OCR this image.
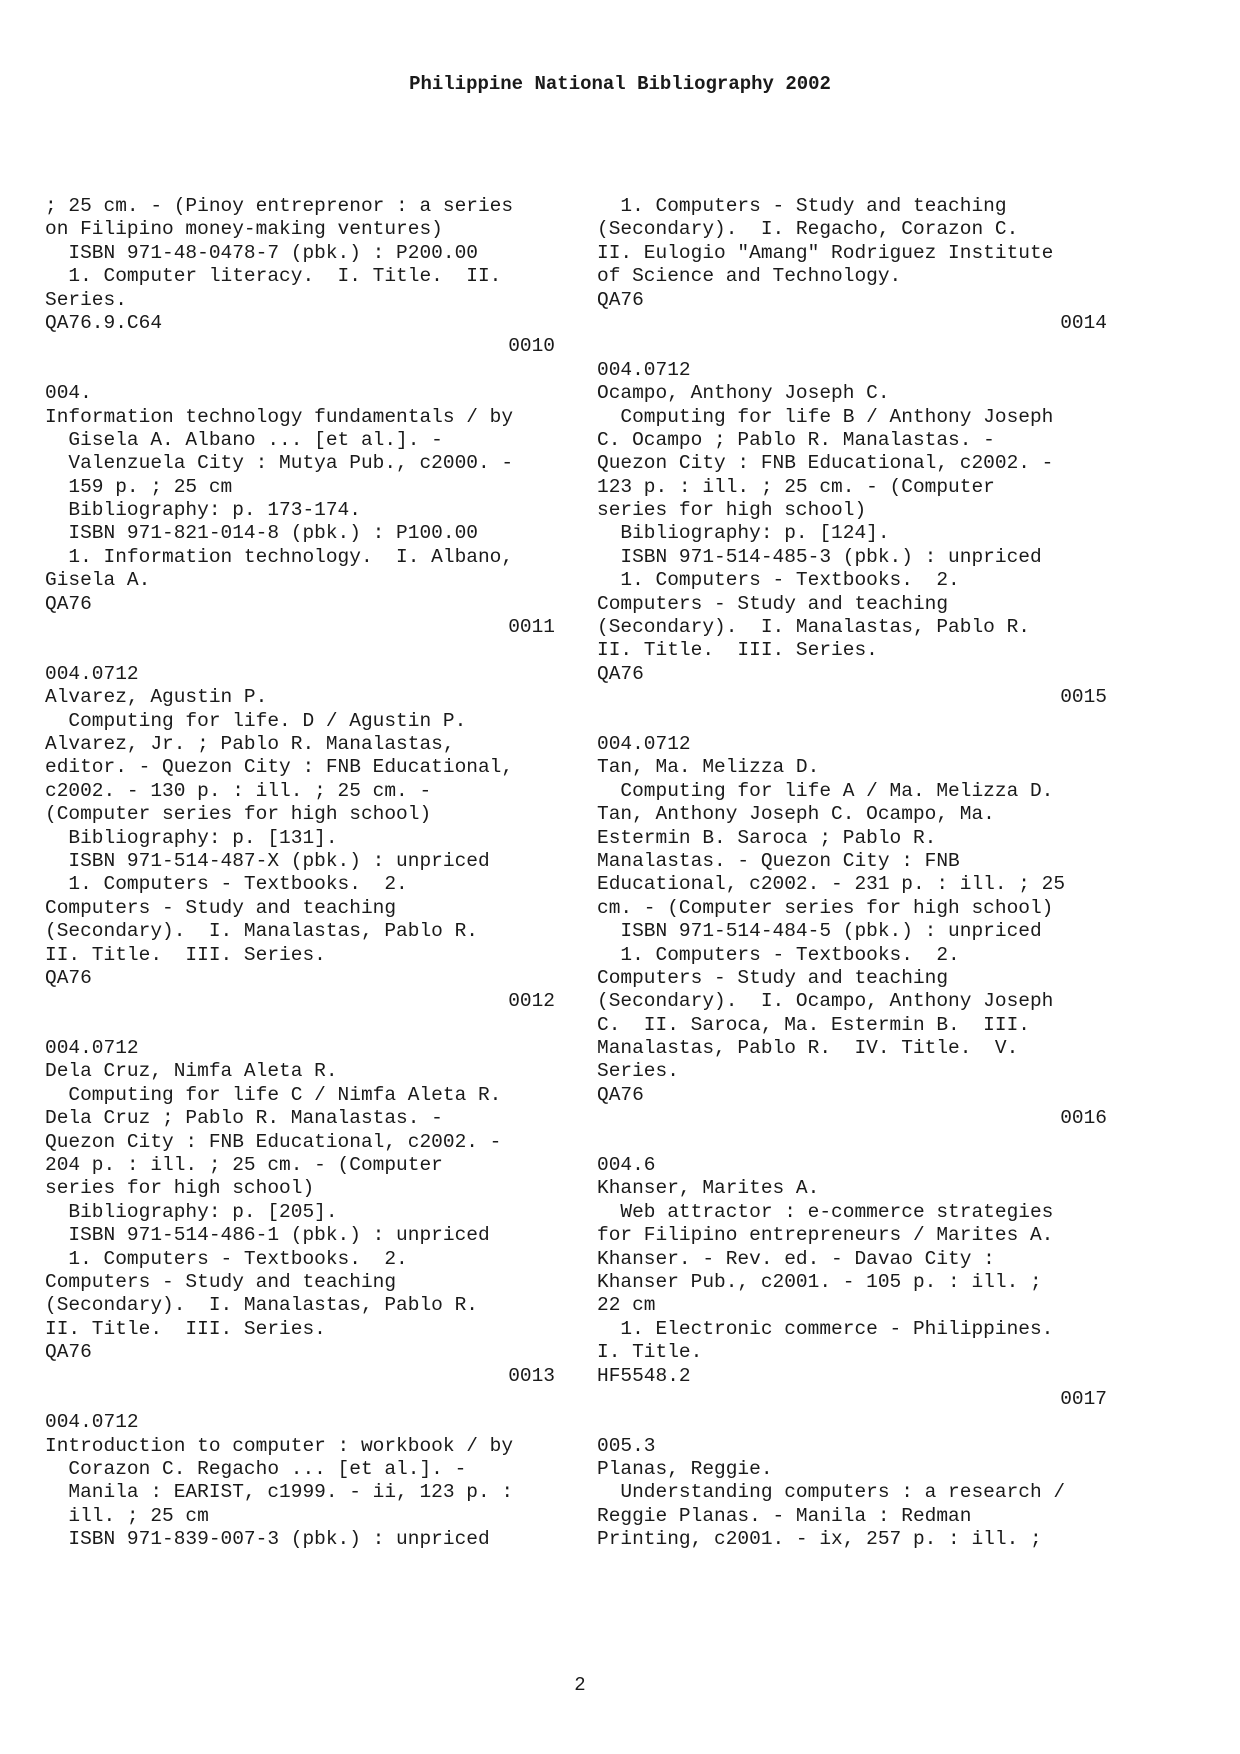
Philippine National Bibliography 2002
; 25 cm. - (Pinoy entreprenor : a series
on Filipino money-making ventures)
ISBN 971-48-0478-7 (pbk.) : P200.00
1. Computer literacy.  I. Title.  II.
Series.
QA76.9.C64
0010
004.
Information technology fundamentals / by
Gisela A. Albano ... [et al.]. -
Valenzuela City : Mutya Pub., c2000. -
159 p. ; 25 cm
Bibliography: p. 173-174.
ISBN 971-821-014-8 (pbk.) : P100.00
1. Information technology.  I. Albano,
Gisela A.
QA76
0011
004.0712
Alvarez, Agustin P.
Computing for life. D / Agustin P.
Alvarez, Jr. ; Pablo R. Manalastas,
editor. - Quezon City : FNB Educational,
c2002. - 130 p. : ill. ; 25 cm. -
(Computer series for high school)
Bibliography: p. [131].
ISBN 971-514-487-X (pbk.) : unpriced
1. Computers - Textbooks.  2.
Computers - Study and teaching
(Secondary).  I. Manalastas, Pablo R.
II. Title.  III. Series.
QA76
0012
004.0712
Dela Cruz, Nimfa Aleta R.
Computing for life C / Nimfa Aleta R.
Dela Cruz ; Pablo R. Manalastas. -
Quezon City : FNB Educational, c2002. -
204 p. : ill. ; 25 cm. - (Computer
series for high school)
Bibliography: p. [205].
ISBN 971-514-486-1 (pbk.) : unpriced
1. Computers - Textbooks.  2.
Computers - Study and teaching
(Secondary).  I. Manalastas, Pablo R.
II. Title.  III. Series.
QA76
0013
004.0712
Introduction to computer : workbook / by
Corazon C. Regacho ... [et al.]. -
Manila : EARIST, c1999. - ii, 123 p. :
ill. ; 25 cm
ISBN 971-839-007-3 (pbk.) : unpriced
1. Computers - Study and teaching
(Secondary).  I. Regacho, Corazon C.
II. Eulogio "Amang" Rodriguez Institute
of Science and Technology.
QA76
0014
004.0712
Ocampo, Anthony Joseph C.
Computing for life B / Anthony Joseph
C. Ocampo ; Pablo R. Manalastas. -
Quezon City : FNB Educational, c2002. -
123 p. : ill. ; 25 cm. - (Computer
series for high school)
Bibliography: p. [124].
ISBN 971-514-485-3 (pbk.) : unpriced
1. Computers - Textbooks.  2.
Computers - Study and teaching
(Secondary).  I. Manalastas, Pablo R.
II. Title.  III. Series.
QA76
0015
004.0712
Tan, Ma. Melizza D.
Computing for life A / Ma. Melizza D.
Tan, Anthony Joseph C. Ocampo, Ma.
Estermin B. Saroca ; Pablo R.
Manalastas. - Quezon City : FNB
Educational, c2002. - 231 p. : ill. ; 25
cm. - (Computer series for high school)
ISBN 971-514-484-5 (pbk.) : unpriced
1. Computers - Textbooks.  2.
Computers - Study and teaching
(Secondary).  I. Ocampo, Anthony Joseph
C.  II. Saroca, Ma. Estermin B.  III.
Manalastas, Pablo R.  IV. Title.  V.
Series.
QA76
0016
004.6
Khanser, Marites A.
Web attractor : e-commerce strategies
for Filipino entrepreneurs / Marites A.
Khanser. - Rev. ed. - Davao City :
Khanser Pub., c2001. - 105 p. : ill. ;
22 cm
1. Electronic commerce - Philippines.
I. Title.
HF5548.2
0017
005.3
Planas, Reggie.
Understanding computers : a research /
Reggie Planas. - Manila : Redman
Printing, c2001. - ix, 257 p. : ill. ;
2
